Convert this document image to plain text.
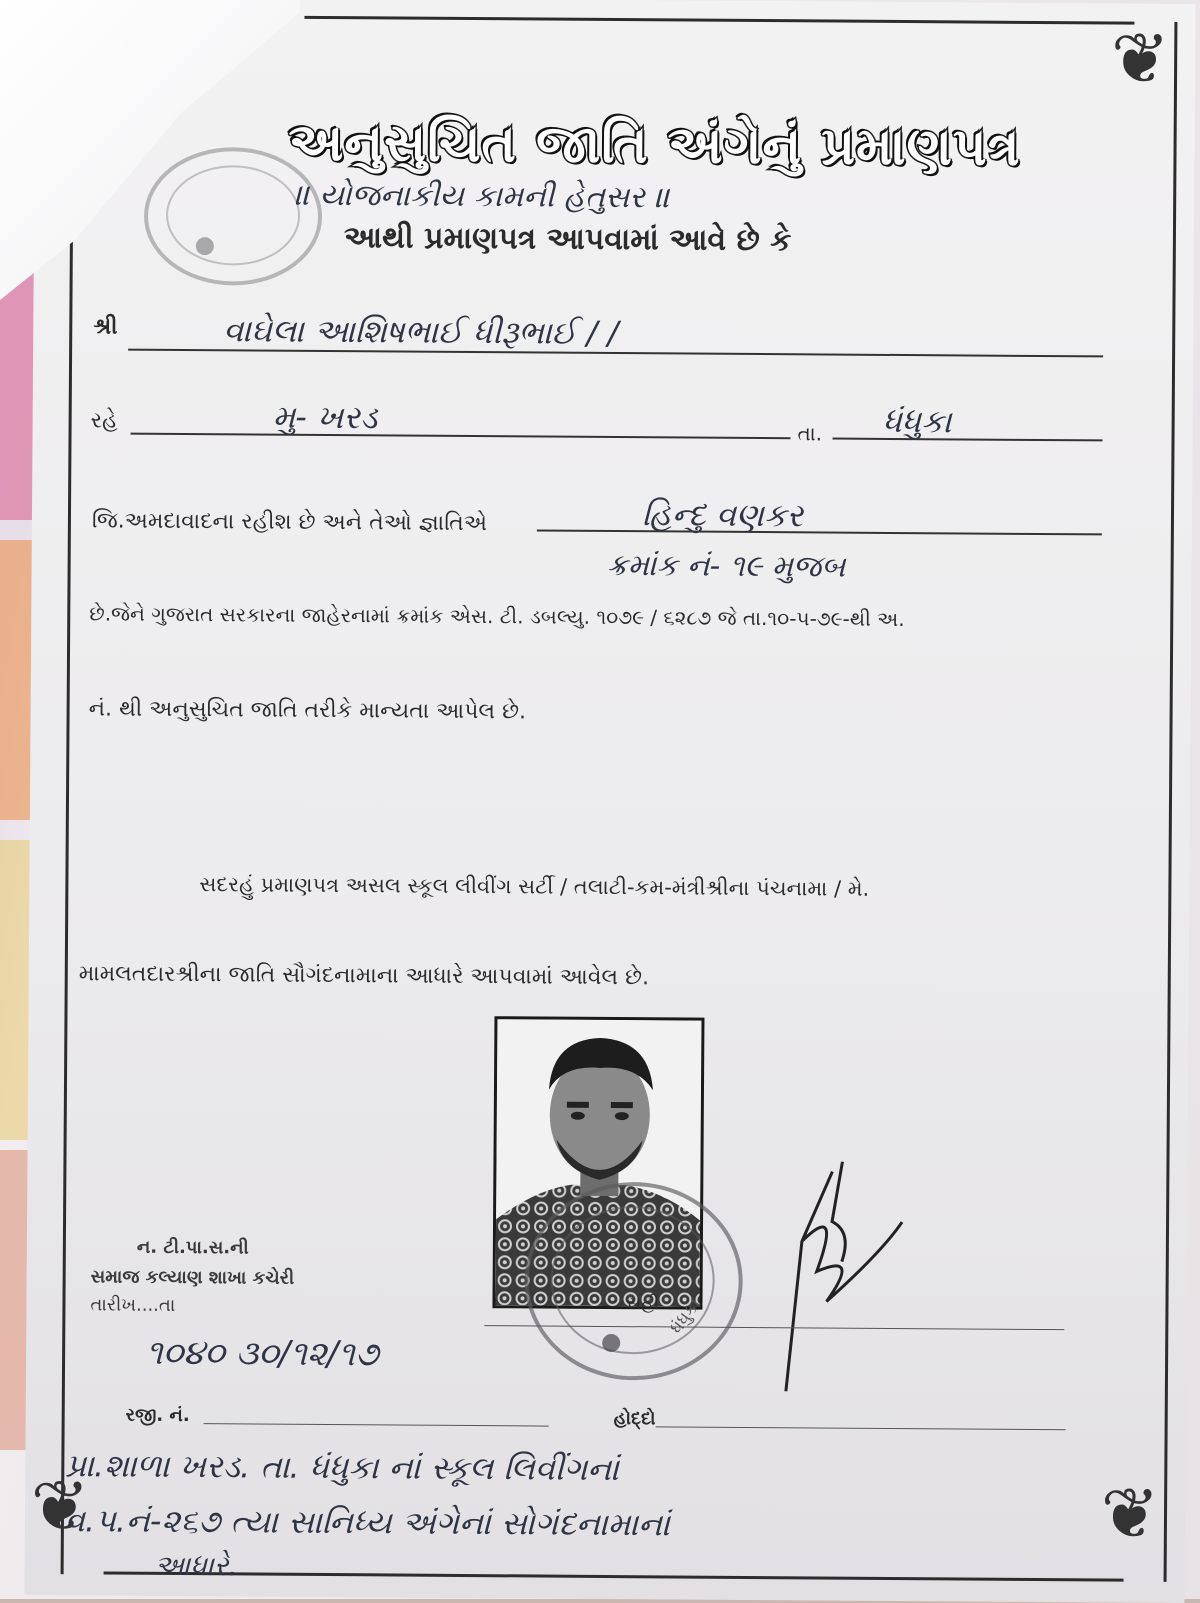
❦
❦	❦
અનુસુચિત જાતિ અંગેનું પ્રમાણપત્ર
॥ યોજનાકીય કામની હેતુસર ॥
આથી પ્રમાણપત્ર આપવામાં આવે છે કે
શ્રી	વાઘેલા આશિષભાઈ ધીરૂભાઈ / /
રહે	મુ- ખરડ	તા. ધંધુકા
જિ.અમદાવાદના રહીશ છે અને તેઓ જ્ઞાતિએ	હિન્દુ વણકર
ક્રમાંક નં- ૧૯ મુજબ
છે.જેને ગુજરાત સરકારના જાહેરનામાં ક્રમાંક એસ. ટી. ડબલ્યુ. ૧૦૭૯ / ૬૨૮૭ જે તા.૧૦-૫-૭૯-થી અ.
નં. થી અનુસુચિત જાતિ તરીકે માન્યતા આપેલ છે.
સદરહું પ્રમાણપત્ર અસલ સ્કૂલ લીવીંગ સર્ટી / તલાટી-કમ-મંત્રીશ્રીના પંચનામા / મે.
મામલતદારશ્રીના જાતિ સૌગંદનામાના આધારે આપવામાં આવેલ છે.
ધંધુકા
સહી
ન. ટી.પા.સ.ની
સમાજ કલ્યાણ શાખા કચેરી
તારીખ....તા
૧૦૪૦ ૩૦/૧૨/૧૭
રજી. નં.	હોદ્દો
પ્રા.શાળા ખરડ. તા. ધંધુકા નાં સ્કૂલ લિવીંગનાં
વ.પ.નં-૨૬૭ ત્યા સાનિધ્ય અંગેનાં સોગંદનામાનાં
આધારે.
